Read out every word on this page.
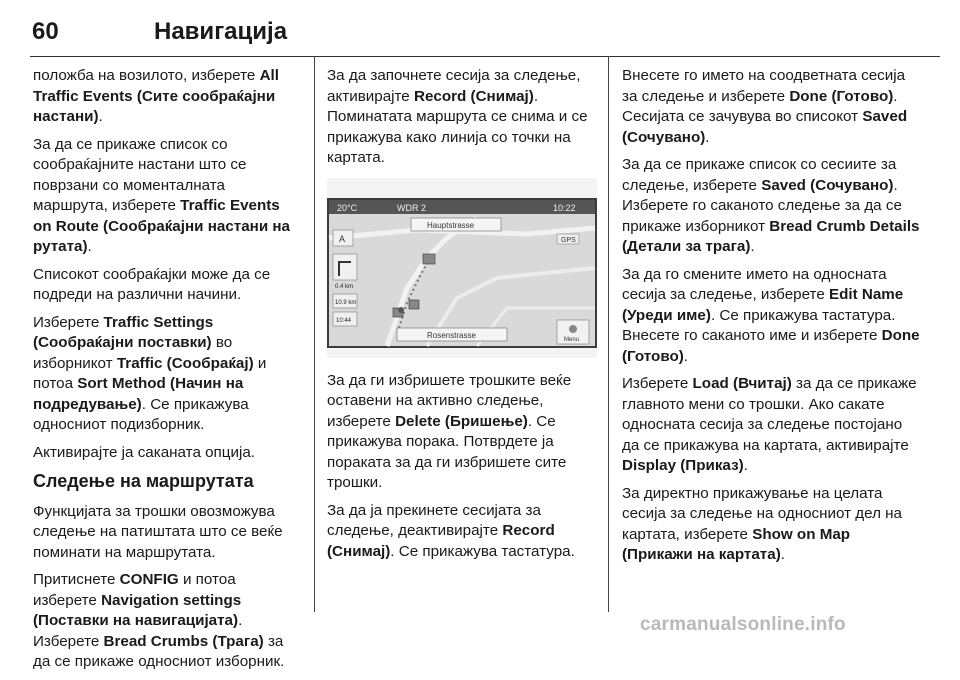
60	Навигација

положба на возилото, изберете All Traffic Events (Сите сообраќајни настани).

За да се прикаже список со сообраќајните настани што се поврзани со моменталната маршрута, изберете Traffic Events on Route (Сообраќајни настани на рутата).

Списокот сообраќајки може да се подреди на различни начини.

Изберете Traffic Settings (Сообраќајни поставки) во изборникот Traffic (Сообраќај) и потоа Sort Method (Начин на подредување). Се прикажува односниот подизборник.

Активирајте ја саканата опција.

Следење на маршрутата

Функцијата за трошки овозможува следење на патиштата што се веќе поминати на маршрутата.

Притиснете CONFIG и потоа изберете Navigation settings (Поставки на навигацијата). Изберете Bread Crumbs (Трага) за да се прикаже односниот изборник.

За да започнете сесија за следење, активирајте Record (Снимај). Поминатата маршрута се снима и се прикажува како линија со точки на картата.

20°C	WDR 2	10:22
Hauptstrasse
GPS
A
0.4 km
10.9 km
10:44
Rosenstrasse	Menu

За да ги избришете трошките веќе оставени на активно следење, изберете Delete (Бришење). Се прикажува порака. Потврдете ја пораката за да ги избришете сите трошки.

За да ја прекинете сесијата за следење, деактивирајте Record (Снимај). Се прикажува тастатура.

Внесете го името на соодветната сесија за следење и изберете Done (Готово). Сесијата се зачувува во списокот Saved (Сочувано).

За да се прикаже список со сесиите за следење, изберете Saved (Сочувано). Изберете го саканото следење за да се прикаже изборникот Bread Crumb Details (Детали за трага).

За да го смените името на односната сесија за следење, изберете Edit Name (Уреди име). Се прикажува тастатура. Внесете го саканото име и изберете Done (Готово).

Изберете Load (Вчитај) за да се прикаже главното мени со трошки. Ако сакате односната сесија за следење постојано да се прикажува на картата, активирајте Display (Приказ).

За директно прикажување на целата сесија за следење на односниот дел на картата, изберете Show on Map (Прикажи на картата).

carmanualsonline.info
